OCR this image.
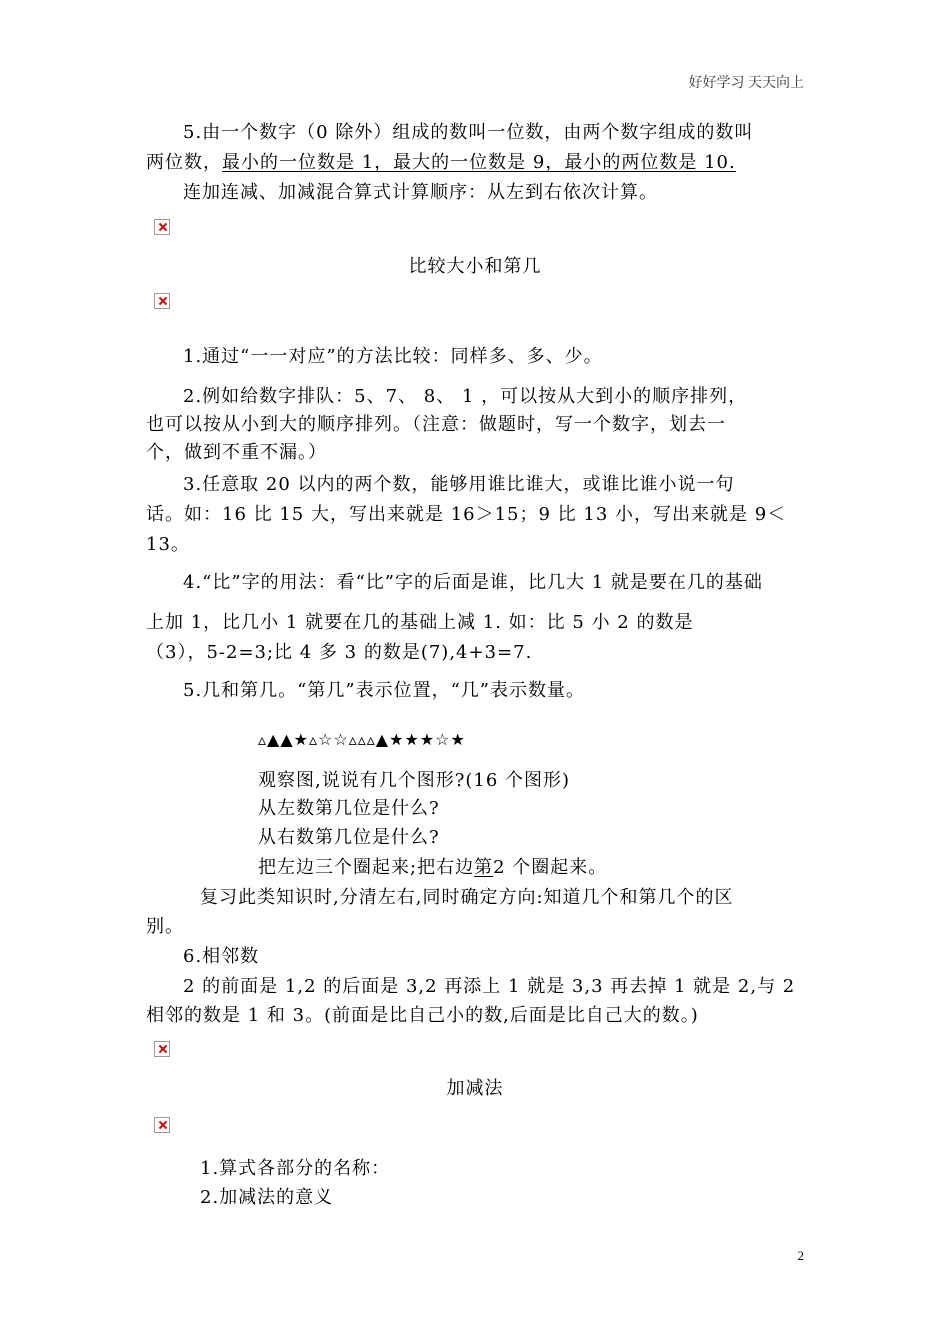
好好学习 天天向上
5.由一个数字（0 除外）组成的数叫一位数，由两个数字组成的数叫
两位数，最小的一位数是 1，最大的一位数是 9，最小的两位数是 10.
连加连减、加减混合算式计算顺序：从左到右依次计算。
比较大小和第几
1.通过“一一对应”的方法比较：同样多、多、少。
2.例如给数字排队：5、7、 8、 1 ，可以按从大到小的顺序排列，
也可以按从小到大的顺序排列。（注意：做题时，写一个数字，划去一
个，做到不重不漏。）
3.任意取 20 以内的两个数，能够用谁比谁大，或谁比谁小说一句
话。如：16 比 15 大，写出来就是 16＞15；9 比 13 小，写出来就是 9＜
13。
4.“比”字的用法：看“比”字的后面是谁，比几大 1 就是要在几的基础
上加 1，比几小 1 就要在几的基础上减 1. 如：比 5 小 2 的数是
（3），5-2=3;比 4 多 3 的数是(7),4+3=7.
5.几和第几。“第几”表示位置，“几”表示数量。
▵▲▲★▵☆☆▵▵▵▲★★★☆★
观察图,说说有几个图形?(16 个图形)
从左数第几位是什么?
从右数第几位是什么?
把左边三个圈起来;把右边第2 个圈起来。
复习此类知识时,分清左右,同时确定方向:知道几个和第几个的区
别。
6.相邻数
2 的前面是 1,2 的后面是 3,2 再添上 1 就是 3,3 再去掉 1 就是 2,与 2
相邻的数是 1 和 3。(前面是比自己小的数,后面是比自己大的数。)
加减法
1.算式各部分的名称：
2.加减法的意义
2
